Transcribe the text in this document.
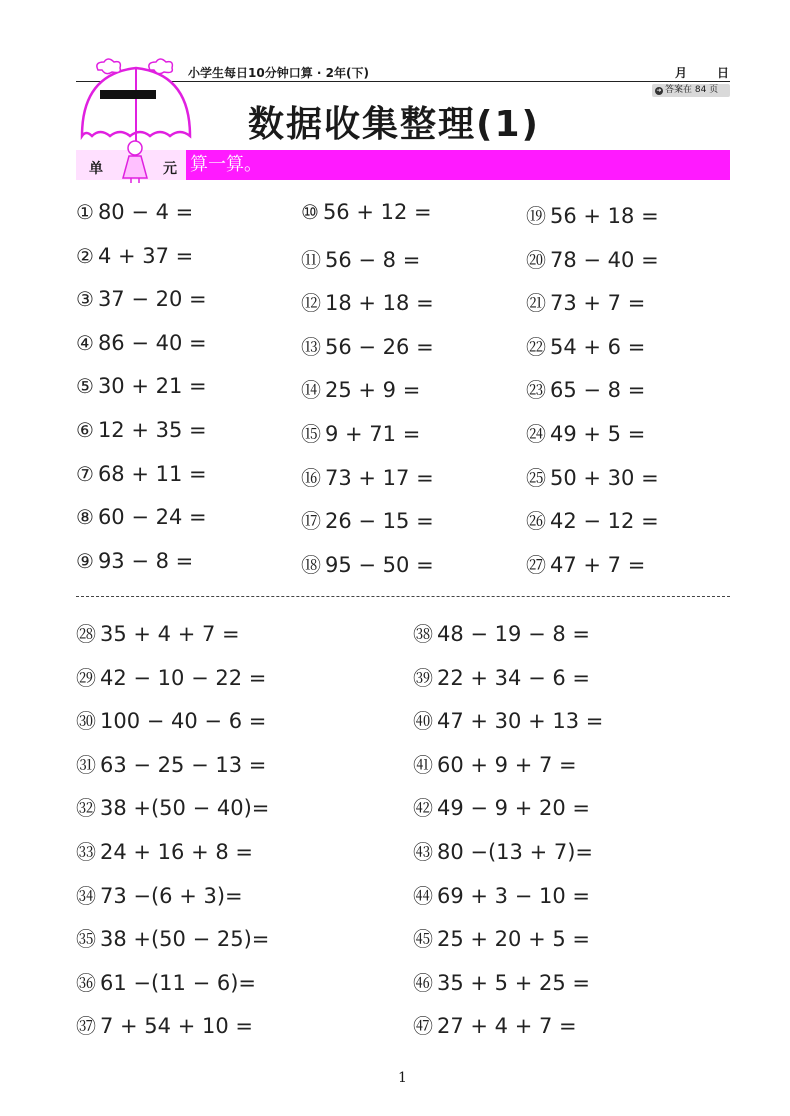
小学生每日10分钟口算 · 2年(下)	月 日
➜ 答案在 84 页
单	元
数据收集整理(1)
算一算。
① 80 − 4 =
② 4 + 37 =
③ 37 − 20 =
④ 86 − 40 =
⑤ 30 + 21 =
⑥ 12 + 35 =
⑦ 68 + 11 =
⑧ 60 − 24 =
⑨ 93 − 8 =
⑩ 56 + 12 =
⑪ 56 − 8 =
⑫ 18 + 18 =
⑬ 56 − 26 =
⑭ 25 + 9 =
⑮ 9 + 71 =
⑯ 73 + 17 =
⑰ 26 − 15 =
⑱ 95 − 50 =
⑲ 56 + 18 =
⑳ 78 − 40 =
㉑ 73 + 7 =
㉒ 54 + 6 =
㉓ 65 − 8 =
㉔ 49 + 5 =
㉕ 50 + 30 =
㉖ 42 − 12 =
㉗ 47 + 7 =
㉘ 35 + 4 + 7 =
㉙ 42 − 10 − 22 =
㉚ 100 − 40 − 6 =
㉛ 63 − 25 − 13 =
㉜ 38 +(50 − 40)=
㉝ 24 + 16 + 8 =
㉞ 73 −(6 + 3)=
㉟ 38 +(50 − 25)=
㊱ 61 −(11 − 6)=
㊲ 7 + 54 + 10 =
㊳ 48 − 19 − 8 =
㊴ 22 + 34 − 6 =
㊵ 47 + 30 + 13 =
㊶ 60 + 9 + 7 =
㊷ 49 − 9 + 20 =
㊸ 80 −(13 + 7)=
㊹ 69 + 3 − 10 =
㊺ 25 + 20 + 5 =
㊻ 35 + 5 + 25 =
㊼ 27 + 4 + 7 =
1
